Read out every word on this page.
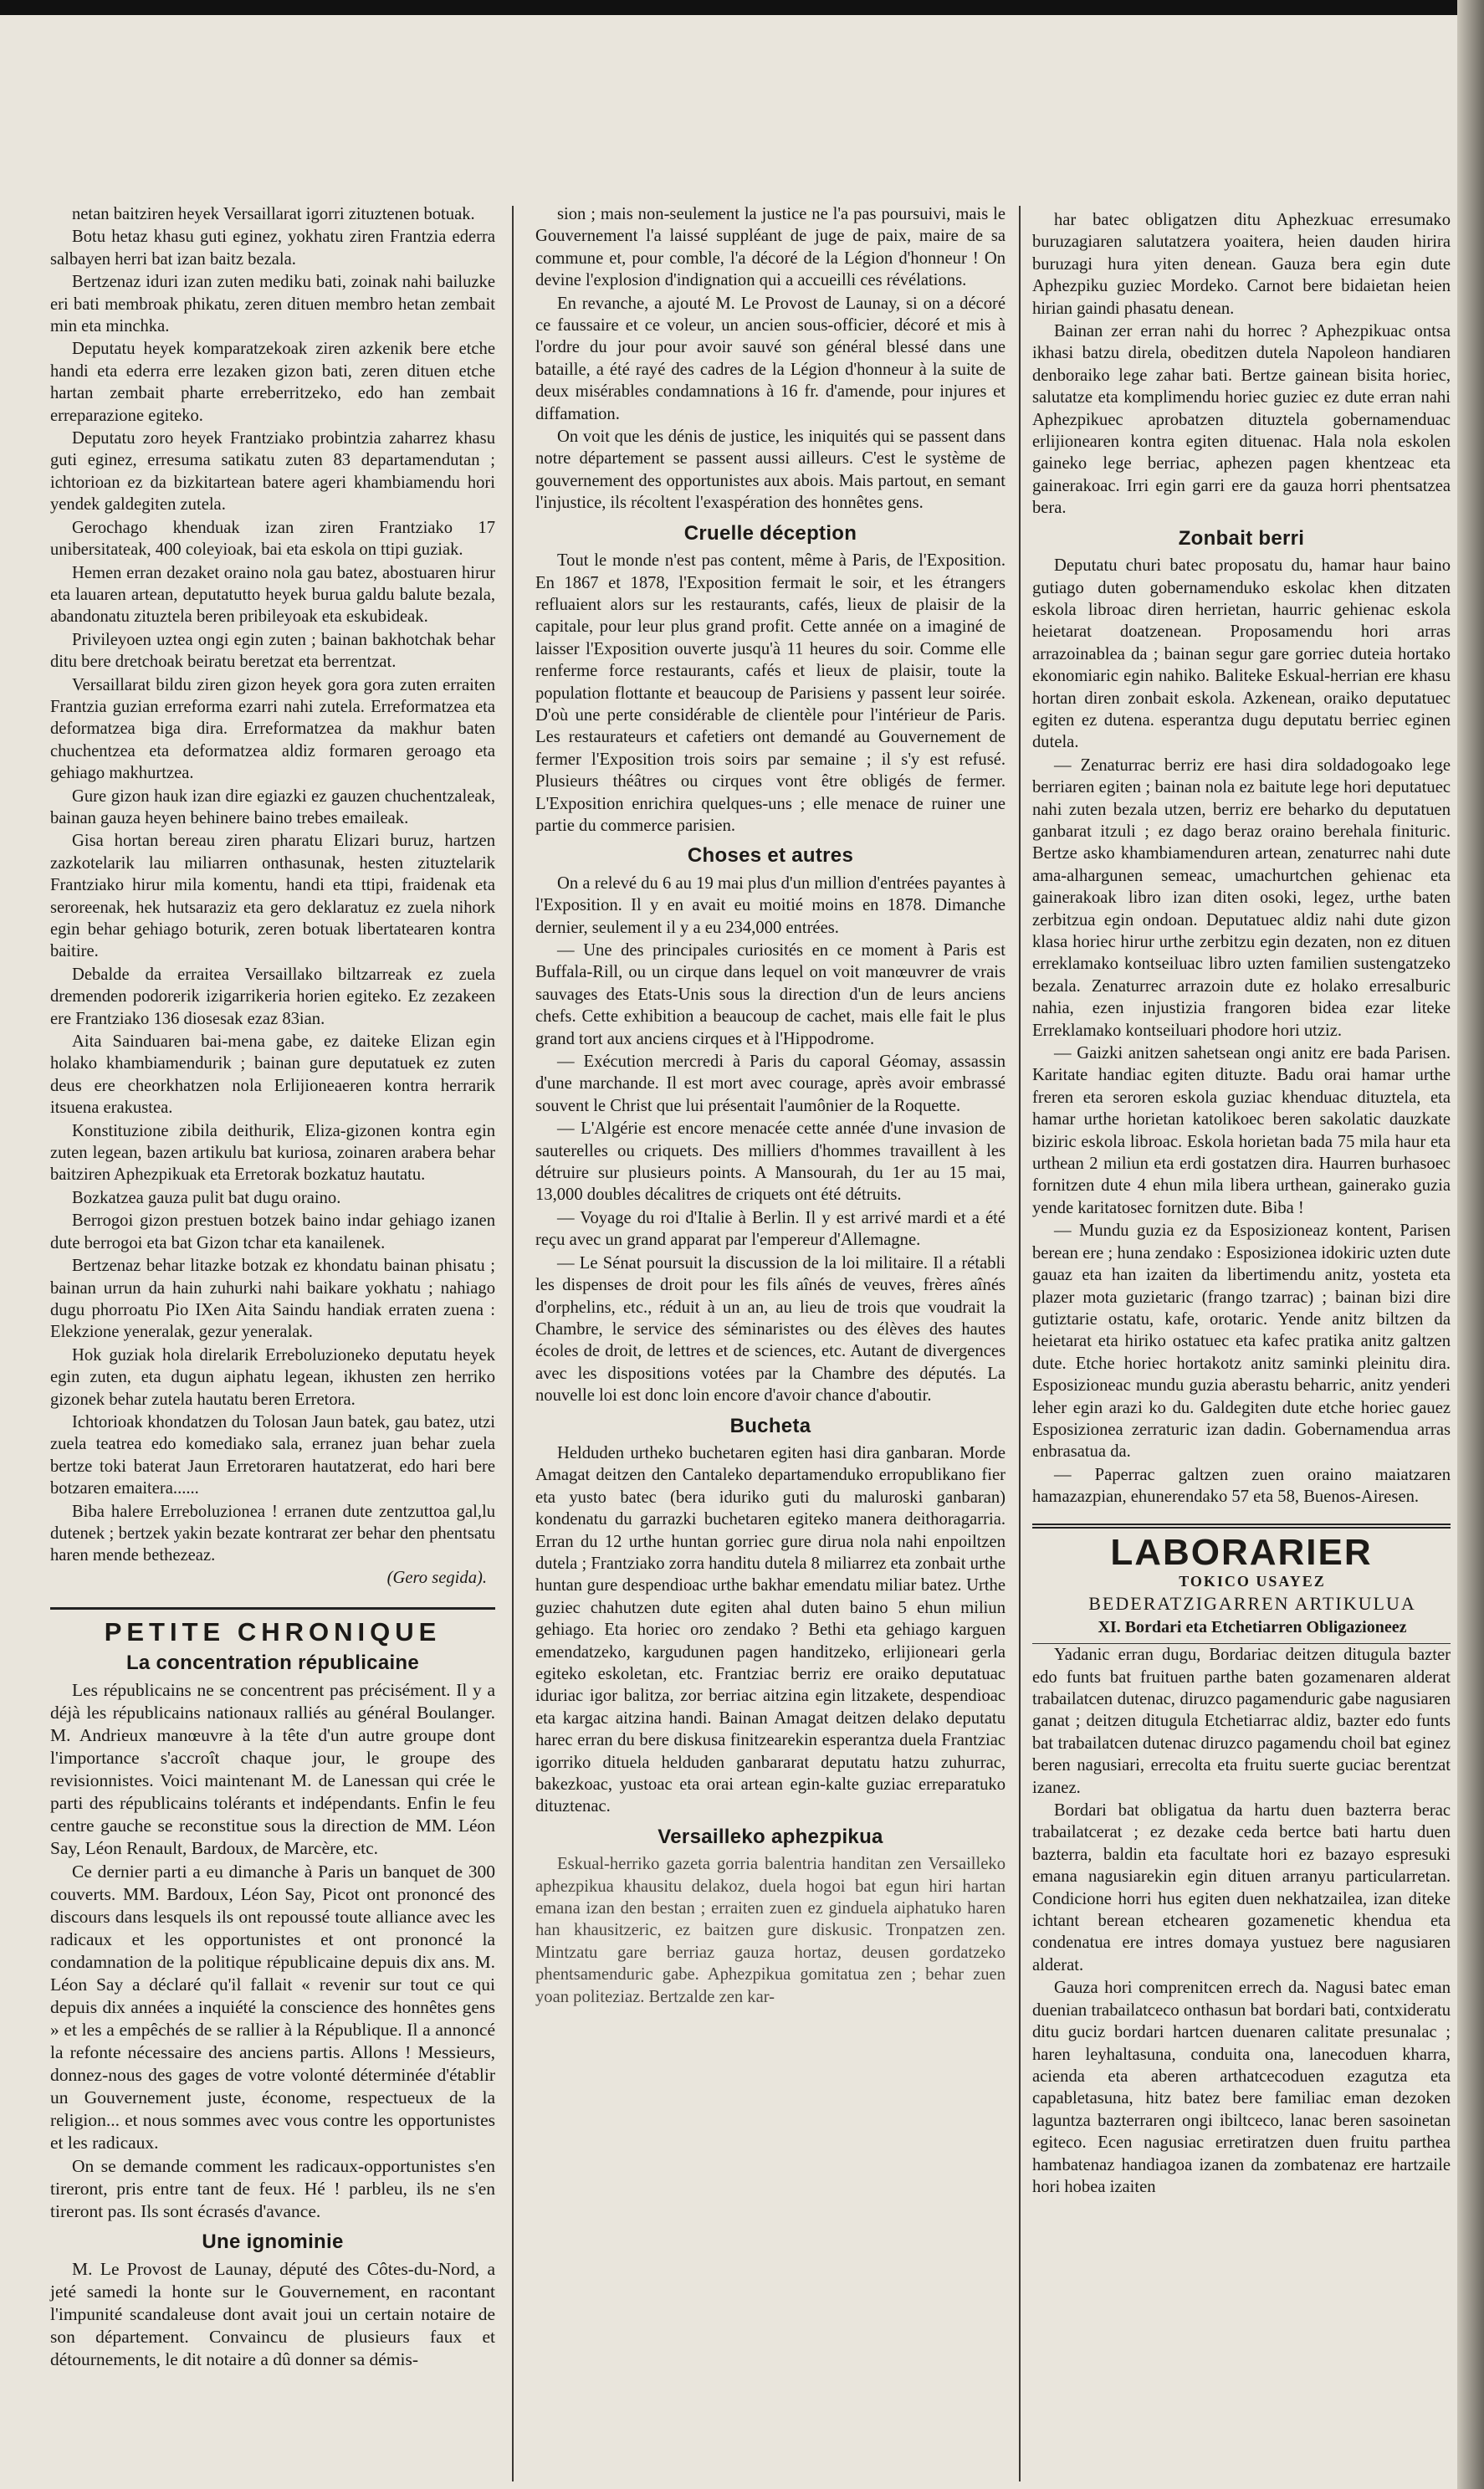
netan baitziren heyek Versaillarat igorri zituztenen botuak.

Botu hetaz khasu guti eginez, yokhatu ziren Frantzia ederra salbayen herri bat izan baitz bezala.

Bertzenaz iduri izan zuten mediku bati, zoinak nahi bailuzke eri bati membroak phikatu, zeren dituen membro hetan zembait min eta minchka.

Deputatu heyek komparatzekoak ziren azkenik bere etche handi eta ederra erre lezaken gizon bati, zeren dituen etche hartan zembait pharte erreberritzeko, edo han zembait erreparazione egiteko.

Deputatu zoro heyek Frantziako probintzia zaharrez khasu guti eginez, erresuma satikatu zuten 83 departamendutan ; ichtorioan ez da bizkitartean batere ageri khambiamendu hori yendek galdegiten zutela.

Gerochago khenduak izan ziren Frantziako 17 unibersitateak, 400 coleyioak, bai eta eskola on ttipi guziak.

Hemen erran dezaket oraino nola gau batez, abostuaren hirur eta lauaren artean, deputatutto heyek burua galdu balute bezala, abandonatu zituztela beren pribileyoak eta eskubideak.

Privileyoen uztea ongi egin zuten ; bainan bakhotchak behar ditu bere dretchoak beiratu beretzat eta berrentzat.

Versaillarat bildu ziren gizon heyek gora gora zuten erraiten Frantzia guzian erreforma ezarri nahi zutela. Erreformatzea eta deformatzea biga dira. Erreformatzea da makhur baten chuchentzea eta deformatzea aldiz formaren geroago eta gehiago makhurtzea.

Gure gizon hauk izan dire egiazki ez gauzen chuchentzaleak, bainan gauza heyen behinere baino trebes emaileak.

Gisa hortan bereau ziren pharatu Elizari buruz, hartzen zazkotelarik lau miliarren onthasunak, hesten zituztelarik Frantziako hirur mila komentu, handi eta ttipi, fraidenak eta seroreenak, hek hutsaraziz eta gero deklaratuz ez zuela nihork egin behar gehiago boturik, zeren botuak libertatearen kontra baitire.

Debalde da erraitea Versaillako biltzarreak ez zuela dremenden podorerik izigarrikeria horien egiteko. Ez zezakeen ere Frantziako 136 diosesak ezaz 83ian.

Aita Sainduaren bai-mena gabe, ez daiteke Elizan egin holako khambiamendurik ; bainan gure deputatuek ez zuten deus ere cheorkhatzen nola Erlijioneaeren kontra herrarik itsuena erakustea.

Konstituzione zibila deithurik, Eliza-gizonen kontra egin zuten legean, bazen artikulu bat kuriosa, zoinaren arabera behar baitziren Aphezpikuak eta Erretorak bozkatuz hautatu.

Bozkatzea gauza pulit bat dugu oraino.

Berrogoi gizon prestuen botzek baino indar gehiago izanen dute berrogoi eta bat Gizon tchar eta kanailenek.

Bertzenaz behar litazke botzak ez khondatu bainan phisatu ; bainan urrun da hain zuhurki nahi baikare yokhatu ; nahiago dugu phorroatu Pio IXen Aita Saindu handiak erraten zuena : Elekzione yeneralak, gezur yeneralak.

Hok guziak hola direlarik Erreboluzioneko deputatu heyek egin zuten, eta dugun aiphatu legean, ikhusten zen herriko gizonek behar zutela hautatu beren Erretora.

Ichtorioak khondatzen du Tolosan Jaun batek, gau batez, utzi zuela teatrea edo komediako sala, erranez juan behar zuela bertze toki baterat Jaun Erretoraren hautatzerat, edo hari bere botzaren emaitera......

Biba halere Erreboluzionea ! erranen dute zentzuttoa gal,lu dutenek ; bertzek yakin bezate kontrarat zer behar den phentsatu haren mende bethezeaz.

(Gero segida).

PETITE CHRONIQUE
La concentration républicaine

Les républicains ne se concentrent pas précisément. Il y a déjà les républicains nationaux ralliés au général Boulanger. M. Andrieux manœuvre à la tête d'un autre groupe dont l'importance s'accroît chaque jour, le groupe des revisionnistes. Voici maintenant M. de Lanessan qui crée le parti des républicains tolérants et indépendants. Enfin le feu centre gauche se reconstitue sous la direction de MM. Léon Say, Léon Renault, Bardoux, de Marcère, etc.

Ce dernier parti a eu dimanche à Paris un banquet de 300 couverts. MM. Bardoux, Léon Say, Picot ont prononcé des discours dans lesquels ils ont repoussé toute alliance avec les radicaux et les opportunistes et ont prononcé la condamnation de la politique républicaine depuis dix ans. M. Léon Say a déclaré qu'il fallait « revenir sur tout ce qui depuis dix années a inquiété la conscience des honnêtes gens » et les a empêchés de se rallier à la République. Il a annoncé la refonte nécessaire des anciens partis. Allons ! Messieurs, donnez-nous des gages de votre volonté déterminée d'établir un Gouvernement juste, économe, respectueux de la religion... et nous sommes avec vous contre les opportunistes et les radicaux.

On se demande comment les radicaux-opportunistes s'en tireront, pris entre tant de feux. Hé ! parbleu, ils ne s'en tireront pas. Ils sont écrasés d'avance.

Une ignominie

M. Le Provost de Launay, député des Côtes-du-Nord, a jeté samedi la honte sur le Gouvernement, en racontant l'impunité scandaleuse dont avait joui un certain notaire de son département. Convaincu de plusieurs faux et détournements, le dit notaire a dû donner sa démis-

sion ; mais non-seulement la justice ne l'a pas poursuivi, mais le Gouvernement l'a laissé suppléant de juge de paix, maire de sa commune et, pour comble, l'a décoré de la Légion d'honneur ! On devine l'explosion d'indignation qui a accueilli ces révélations.

En revanche, a ajouté M. Le Provost de Launay, si on a décoré ce faussaire et ce voleur, un ancien sous-officier, décoré et mis à l'ordre du jour pour avoir sauvé son général blessé dans une bataille, a été rayé des cadres de la Légion d'honneur à la suite de deux misérables condamnations à 16 fr. d'amende, pour injures et diffamation.

On voit que les dénis de justice, les iniquités qui se passent dans notre département se passent aussi ailleurs. C'est le système de gouvernement des opportunistes aux abois. Mais partout, en semant l'injustice, ils récoltent l'exaspération des honnêtes gens.

Cruelle déception

Tout le monde n'est pas content, même à Paris, de l'Exposition. En 1867 et 1878, l'Exposition fermait le soir, et les étrangers refluaient alors sur les restaurants, cafés, lieux de plaisir de la capitale, pour leur plus grand profit. Cette année on a imaginé de laisser l'Exposition ouverte jusqu'à 11 heures du soir. Comme elle renferme force restaurants, cafés et lieux de plaisir, toute la population flottante et beaucoup de Parisiens y passent leur soirée. D'où une perte considérable de clientèle pour l'intérieur de Paris. Les restaurateurs et cafetiers ont demandé au Gouvernement de fermer l'Exposition trois soirs par semaine ; il s'y est refusé. Plusieurs théâtres ou cirques vont être obligés de fermer. L'Exposition enrichira quelques-uns ; elle menace de ruiner une partie du commerce parisien.

Choses et autres

On a relevé du 6 au 19 mai plus d'un million d'entrées payantes à l'Exposition. Il y en avait eu moitié moins en 1878. Dimanche dernier, seulement il y a eu 234,000 entrées.

— Une des principales curiosités en ce moment à Paris est Buffala-Rill, ou un cirque dans lequel on voit manœuvrer de vrais sauvages des Etats-Unis sous la direction d'un de leurs anciens chefs. Cette exhibition a beaucoup de cachet, mais elle fait le plus grand tort aux anciens cirques et à l'Hippodrome.

— Exécution mercredi à Paris du caporal Géomay, assassin d'une marchande. Il est mort avec courage, après avoir embrassé souvent le Christ que lui présentait l'aumônier de la Roquette.

— L'Algérie est encore menacée cette année d'une invasion de sauterelles ou criquets. Des milliers d'hommes travaillent à les détruire sur plusieurs points. A Mansourah, du 1er au 15 mai, 13,000 doubles décalitres de criquets ont été détruits.

— Voyage du roi d'Italie à Berlin. Il y est arrivé mardi et a été reçu avec un grand apparat par l'empereur d'Allemagne.

— Le Sénat poursuit la discussion de la loi militaire. Il a rétabli les dispenses de droit pour les fils aînés de veuves, frères aînés d'orphelins, etc., réduit à un an, au lieu de trois que voudrait la Chambre, le service des séminaristes ou des élèves des hautes écoles de droit, de lettres et de sciences, etc. Autant de divergences avec les dispositions votées par la Chambre des députés. La nouvelle loi est donc loin encore d'avoir chance d'aboutir.

Bucheta

Helduden urtheko buchetaren egiten hasi dira ganbaran. Morde Amagat deitzen den Cantaleko departamenduko erropublikano fier eta yusto batec (bera iduriko guti du maluroski ganbaran) kondenatu du garrazki buchetaren egiteko manera deithoragarria. Erran du 12 urthe huntan gorriec gure dirua nola nahi enpoiltzen dutela ; Frantziako zorra handitu dutela 8 miliarrez eta zonbait urthe huntan gure despendioac urthe bakhar emendatu miliar batez. Urthe guziec chahutzen dute egiten ahal duten baino 5 ehun miliun gehiago. Eta horiec oro zendako ? Bethi eta gehiago karguen emendatzeko, kargudunen pagen handitzeko, erlijioneari gerla egiteko eskoletan, etc. Frantziac berriz ere oraiko deputatuac iduriac igor balitza, zor berriac aitzina egin litzakete, despendioac eta kargac aitzina handi. Bainan Amagat deitzen delako deputatu harec erran du bere diskusa finitzearekin esperantza duela Frantziac igorriko dituela helduden ganbararat deputatu hatzu zuhurrac, bakezkoac, yustoac eta orai artean egin-kalte guziac erreparatuko dituztenac.

Versailleko aphezpikua

Eskual-herriko gazeta gorria balentria handitan zen Versailleko aphezpikua khausitu delakoz, duela hogoi bat egun hiri hartan emana izan den bestan ; erraiten zuen ez ginduela aiphatuko haren han khausitzeric, ez baitzen gure diskusic. Tronpatzen zen. Mintzatu gare berriaz gauza hortaz, deusen gordatzeko phentsamenduric gabe. Aphezpikua gomitatua zen ; behar zuen yoan politeziaz. Bertzalde zen kar-

har batec obligatzen ditu Aphezkuac erresumako buruzagiaren salutatzera yoaitera, heien dauden hirira buruzagi hura yiten denean. Gauza bera egin dute Aphezpiku guziec Mordeko. Carnot bere bidaietan heien hirian gaindi phasatu denean.

Bainan zer erran nahi du horrec ? Aphezpikuac ontsa ikhasi batzu direla, obeditzen dutela Napoleon handiaren denboraiko lege zahar bati. Bertze gainean bisita horiec, salutatze eta komplimendu horiec guziec ez dute erran nahi Aphezpikuec aprobatzen dituztela gobernamenduac erlijionearen kontra egiten dituenac. Hala nola eskolen gaineko lege berriac, aphezen pagen khentzeac eta gainerakoac. Irri egin garri ere da gauza horri phentsatzea bera.

Zonbait berri

Deputatu churi batec proposatu du, hamar haur baino gutiago duten gobernamenduko eskolac khen ditzaten eskola libroac diren herrietan, haurric gehienac eskola heietarat doatzenean. Proposamendu hori arras arrazoinablea da ; bainan segur gare gorriec duteia hortako ekonomiaric egin nahiko. Baliteke Eskual-herrian ere khasu hortan diren zonbait eskola. Azkenean, oraiko deputatuec egiten ez dutena. esperantza dugu deputatu berriec eginen dutela.

— Zenaturrac berriz ere hasi dira soldadogoako lege berriaren egiten ; bainan nola ez baitute lege hori deputatuec nahi zuten bezala utzen, berriz ere beharko du deputatuen ganbarat itzuli ; ez dago beraz oraino berehala finituric. Bertze asko khambiamenduren artean, zenaturrec nahi dute ama-alhargunen semeac, umachurtchen gehienac eta gainerakoak libro izan diten osoki, legez, urthe baten zerbitzua egin ondoan. Deputatuec aldiz nahi dute gizon klasa horiec hirur urthe zerbitzu egin dezaten, non ez dituen erreklamako kontseiluac libro uzten familien sustengatzeko bezala. Zenaturrec arrazoin dute ez holako erresalburic nahia, ezen injustizia frangoren bidea ezar liteke Erreklamako kontseiluari phodore hori utziz.

— Gaizki anitzen sahetsean ongi anitz ere bada Parisen. Karitate handiac egiten dituzte. Badu orai hamar urthe freren eta seroren eskola guziac khenduac dituztela, eta hamar urthe horietan katolikoec beren sakolatic dauzkate biziric eskola libroac. Eskola horietan bada 75 mila haur eta urthean 2 miliun eta erdi gostatzen dira. Haurren burhasoec fornitzen dute 4 ehun mila libera urthean, gainerako guzia yende karitatosec fornitzen dute. Biba !

— Mundu guzia ez da Esposizioneaz kontent, Parisen berean ere ; huna zendako : Esposizionea idokiric uzten dute gauaz eta han izaiten da libertimendu anitz, yosteta eta plazer mota guzietaric (frango tzarrac) ; bainan bizi dire gutiztarie ostatu, kafe, orotaric. Yende anitz biltzen da heietarat eta hiriko ostatuec eta kafec pratika anitz galtzen dute. Etche horiec hortakotz anitz saminki pleinitu dira. Esposizioneac mundu guzia aberastu beharric, anitz yenderi leher egin arazi ko du. Galdegiten dute etche horiec gauez Esposizionea zerraturic izan dadin. Gobernamendua arras enbrasatua da.

— Paperrac galtzen zuen oraino maiatzaren hamazazpian, ehunerendako 57 eta 58, Buenos-Airesen.

LABORARIER

TOKICO USAYEZ

BEDERATZIGARREN ARTIKULUA

XI. Bordari eta Etchetiarren Obligazioneez

Yadanic erran dugu, Bordariac deitzen ditugula bazter edo funts bat fruituen parthe baten gozamenaren alderat trabailatcen dutenac, diruzco pagamenduric gabe nagusiaren ganat ; deitzen ditugula Etchetiarrac aldiz, bazter edo funts bat trabailatcen dutenac diruzco pagamendu choil bat eginez beren nagusiari, errecolta eta fruitu suerte guciac berentzat izanez.

Bordari bat obligatua da hartu duen bazterra berac trabailatcerat ; ez dezake ceda bertce bati hartu duen bazterra, baldin eta facultate hori ez bazayo espresuki emana nagusiarekin egin dituen arranyu particularretan. Condicione horri hus egiten duen nekhatzailea, izan diteke ichtant berean etchearen gozamenetic khendua eta condenatua ere intres domaya yustuez bere nagusiaren alderat.

Gauza hori comprenitcen errech da. Nagusi batec eman duenian trabailatceco onthasun bat bordari bati, contxideratu ditu guciz bordari hartcen duenaren calitate presunalac ; haren leyhaltasuna, conduita ona, lanecoduen kharra, acienda eta aberen arthatcecoduen ezagutza eta capabletasuna, hitz batez bere familiac eman dezoken laguntza bazterraren ongi ibiltceco, lanac beren sasoinetan egiteco. Ecen nagusiac erretiratzen duen fruitu parthea hambatenaz handiagoa izanen da zombatenaz ere hartzaile hori hobea izaiten
